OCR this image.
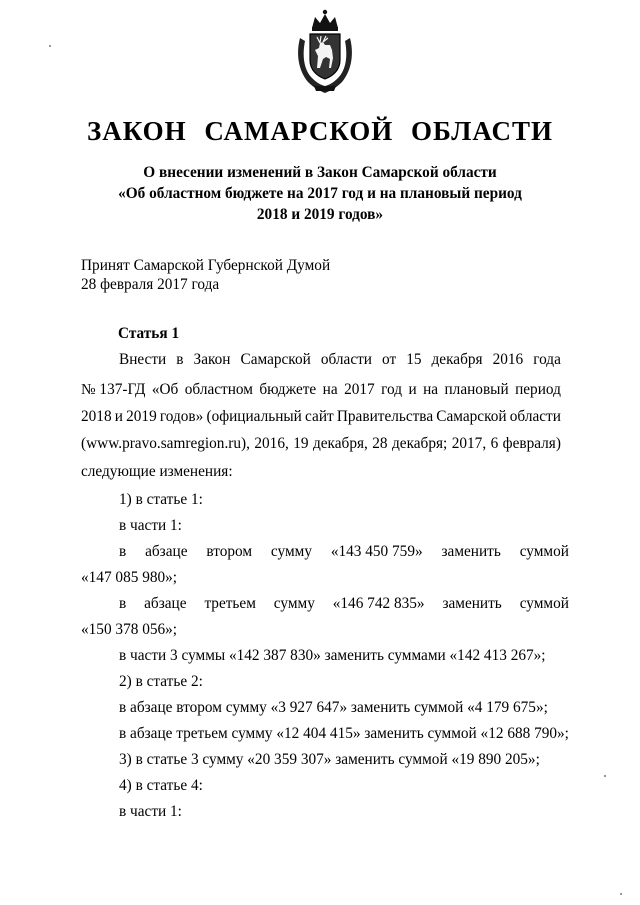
ЗАКОН САМАРСКОЙ ОБЛАСТИ
О внесении изменений в Закон Самарской области
«Об областном бюджете на 2017 год и на плановый период
2018 и 2019 годов»
Принят Самарской Губернской Думой
28 февраля 2017 года
Статья 1
Внести в Закон Самарской области от 15 декабря 2016 года
№ 137-ГД «Об областном бюджете на 2017 год и на плановый период
2018 и 2019 годов» (официальный сайт Правительства Самарской области
(www.pravo.samregion.ru), 2016, 19 декабря, 28 декабря; 2017, 6 февраля)
следующие изменения:
1) в статье 1:
в части 1:
в абзаце втором сумму «143 450 759» заменить суммой
«147 085 980»;
в абзаце третьем сумму «146 742 835» заменить суммой
«150 378 056»;
в части 3 суммы «142 387 830» заменить суммами «142 413 267»;
2) в статье 2:
в абзаце втором сумму «3 927 647» заменить суммой «4 179 675»;
в абзаце третьем сумму «12 404 415» заменить суммой «12 688 790»;
3) в статье 3 сумму «20 359 307» заменить суммой «19 890 205»;
4) в статье 4:
в части 1:
